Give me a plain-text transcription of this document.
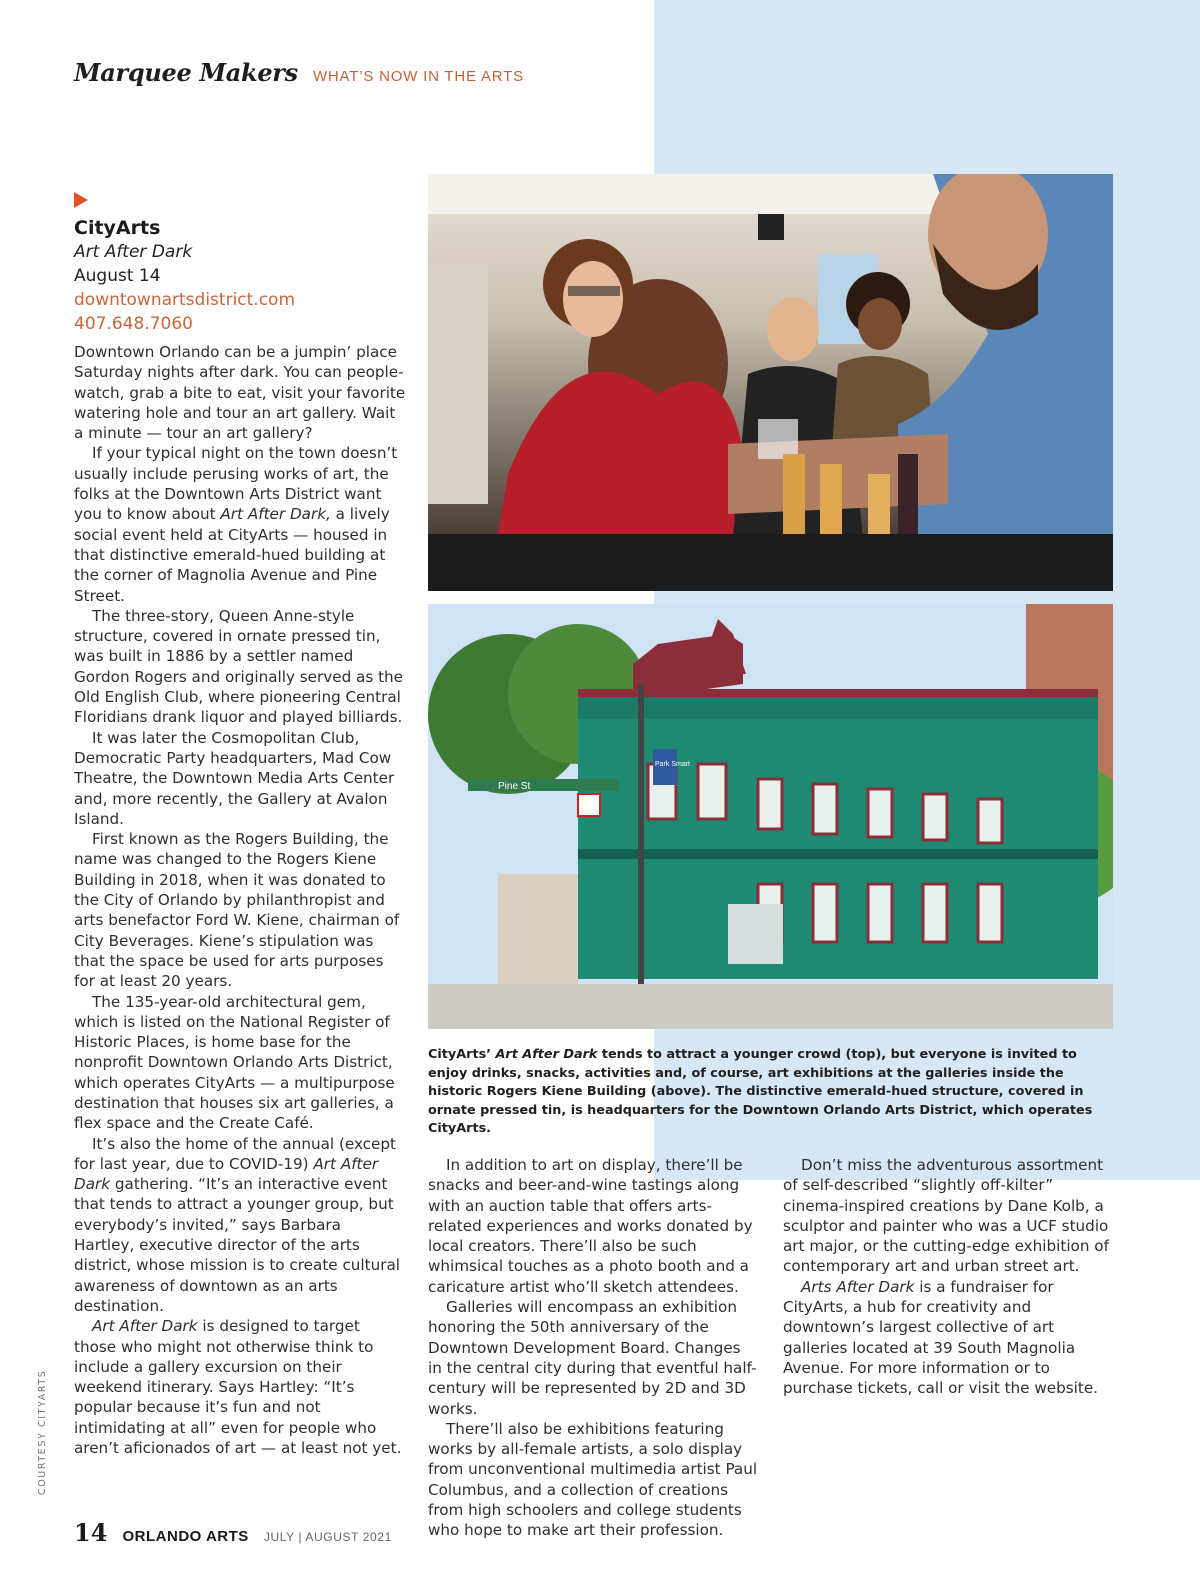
Marquee Makers WHAT’S NOW IN THE ARTS
CityArts
Art After Dark
August 14
downtownartsdistrict.com
407.648.7060

Downtown Orlando can be a jumpin’ place Saturday nights after dark. You can people-watch, grab a bite to eat, visit your favorite watering hole and tour an art gallery. Wait a minute — tour an art gallery?

If your typical night on the town doesn’t usually include perusing works of art, the folks at the Downtown Arts District want you to know about Art After Dark, a lively social event held at CityArts — housed in that distinctive emerald-hued building at the corner of Magnolia Avenue and Pine Street.

The three-story, Queen Anne-style structure, covered in ornate pressed tin, was built in 1886 by a settler named Gordon Rogers and originally served as the Old English Club, where pioneering Central Floridians drank liquor and played billiards.

It was later the Cosmopolitan Club, Democratic Party headquarters, Mad Cow Theatre, the Downtown Media Arts Center and, more recently, the Gallery at Avalon Island.

First known as the Rogers Building, the name was changed to the Rogers Kiene Building in 2018, when it was donated to the City of Orlando by philanthropist and arts benefactor Ford W. Kiene, chairman of City Beverages. Kiene’s stipulation was that the space be used for arts purposes for at least 20 years.

The 135-year-old architectural gem, which is listed on the National Register of Historic Places, is home base for the nonprofit Downtown Orlando Arts District, which operates CityArts — a multipurpose destination that houses six art galleries, a flex space and the Create Café.

It’s also the home of the annual (except for last year, due to COVID-19) Art After Dark gathering. “It’s an interactive event that tends to attract a younger group, but everybody’s invited,” says Barbara Hartley, executive director of the arts district, whose mission is to create cultural awareness of downtown as an arts destination.

Art After Dark is designed to target those who might not otherwise think to include a gallery excursion on their weekend itinerary. Says Hartley: “It’s popular because it’s fun and not intimidating at all” even for people who aren’t aficionados of art — at least not yet.

Pine St
Park Smart
CityArts’ Art After Dark tends to attract a younger crowd (top), but everyone is invited to enjoy drinks, snacks, activities and, of course, art exhibitions at the galleries inside the historic Rogers Kiene Building (above). The distinctive emerald-hued structure, covered in ornate pressed tin, is headquarters for the Downtown Orlando Arts District, which operates CityArts.

In addition to art on display, there’ll be snacks and beer-and-wine tastings along with an auction table that offers arts-related experiences and works donated by local creators. There’ll also be such whimsical touches as a photo booth and a caricature artist who’ll sketch attendees.

Galleries will encompass an exhibition honoring the 50th anniversary of the Downtown Development Board. Changes in the central city during that eventful half-century will be represented by 2D and 3D works.

There’ll also be exhibitions featuring works by all-female artists, a solo display from unconventional multimedia artist Paul Columbus, and a collection of creations from high schoolers and college students who hope to make art their profession.

Don’t miss the adventurous assortment of self-described “slightly off-kilter” cinema-inspired creations by Dane Kolb, a sculptor and painter who was a UCF studio art major, or the cutting-edge exhibition of contemporary art and urban street art.

Arts After Dark is a fundraiser for CityArts, a hub for creativity and downtown’s largest collective of art galleries located at 39 South Magnolia Avenue. For more information or to purchase tickets, call or visit the website.

COURTESY CITYARTS
14 ORLANDO ARTS JULY | AUGUST 2021
